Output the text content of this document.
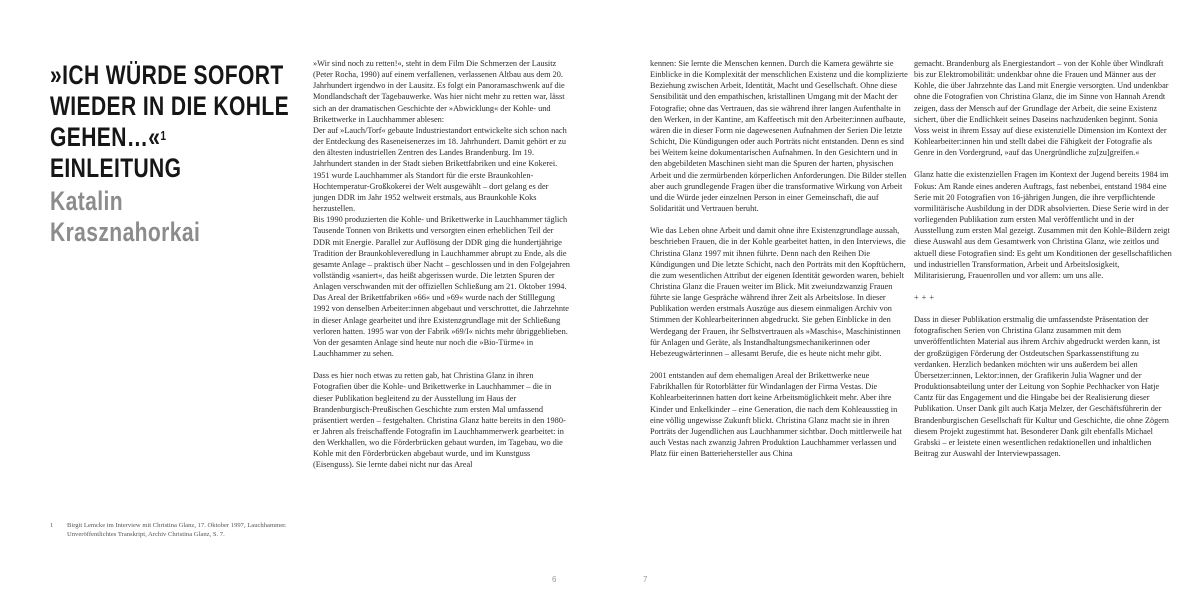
»ICH WÜRDE SOFORT
WIEDER IN DIE KOHLE
GEHEN…«$^1$
EINLEITUNG
Katalin
Krasznahorkai

»Wir sind noch zu retten!«, steht in dem Film Die Schmerzen der Lausitz (Peter Rocha, 1990) auf einem verfallenen, verlassenen Altbau aus dem 20. Jahrhundert irgendwo in der Lausitz. Es folgt ein Panoramaschwenk auf die Mondlandschaft der Tagebauwerke. Was hier nicht mehr zu retten war, lässt sich an der dramatischen Geschichte der »Abwicklung« der Kohle- und Brikettwerke in Lauchhammer ablesen:
Der auf »Lauch/Torf« gebaute Industriestandort entwickelte sich schon nach der Entdeckung des Raseneisenerzes im 18. Jahrhundert. Damit gehört er zu den ältesten industriellen Zentren des Landes Brandenburg. Im 19. Jahrhundert standen in der Stadt sieben Brikettfabriken und eine Kokerei. 1951 wurde Lauchhammer als Standort für die erste Braunkohlen-Hochtemperatur-Großkokerei der Welt ausgewählt – dort gelang es der jungen DDR im Jahr 1952 weltweit erstmals, aus Braunkohle Koks herzustellen.
Bis 1990 produzierten die Kohle- und Brikettwerke in Lauchhammer täglich Tausende Tonnen von Briketts und versorgten einen erheblichen Teil der DDR mit Energie. Parallel zur Auflösung der DDR ging die hundertjährige Tradition der Braunkohleveredlung in Lauchhammer abrupt zu Ende, als die gesamte Anlage – praktisch über Nacht – geschlossen und in den Folgejahren vollständig »saniert«, das heißt abgerissen wurde. Die letzten Spuren der Anlagen verschwanden mit der offiziellen Schließung am 21. Oktober 1994. Das Areal der Brikettfabriken »66« und »69« wurde nach der Stilllegung 1992 von denselben Arbeiter:innen abgebaut und verschrottet, die Jahrzehnte in dieser Anlage gearbeitet und ihre Existenzgrundlage mit der Schließung verloren hatten. 1995 war von der Fabrik »69/I« nichts mehr übriggeblieben. Von der gesamten Anlage sind heute nur noch die »Bio-Türme« in Lauchhammer zu sehen.

Dass es hier noch etwas zu retten gab, hat Christina Glanz in ihren Fotografien über die Kohle- und Brikettwerke in Lauchhammer – die in dieser Publikation begleitend zu der Ausstellung im Haus der Brandenburgisch-Preußischen Geschichte zum ersten Mal umfassend präsentiert werden – festgehalten. Christina Glanz hatte bereits in den 1980-er Jahren als freischaffende Fotografin im Lauchhammerwerk gearbeitet: in den Werkhallen, wo die Förderbrücken gebaut wurden, im Tagebau, wo die Kohle mit den Förderbrücken abgebaut wurde, und im Kunstguss (Eisenguss). Sie lernte dabei nicht nur das Areal

kennen: Sie lernte die Menschen kennen. Durch die Kamera gewährte sie Einblicke in die Komplexität der menschlichen Existenz und die komplizierte Beziehung zwischen Arbeit, Identität, Macht und Gesellschaft. Ohne diese Sensibilität und den empathischen, kristallinen Umgang mit der Macht der Fotografie; ohne das Vertrauen, das sie während ihrer langen Aufenthalte in den Werken, in der Kantine, am Kaffeetisch mit den Arbeiter:innen aufbaute, wären die in dieser Form nie dagewesenen Aufnahmen der Serien Die letzte Schicht, Die Kündigungen oder auch Porträts nicht entstanden. Denn es sind bei Weitem keine dokumentarischen Aufnahmen. In den Gesichtern und in den abgebildeten Maschinen sieht man die Spuren der harten, physischen Arbeit und die zermürbenden körperlichen Anforderungen. Die Bilder stellen aber auch grundlegende Fragen über die transformative Wirkung von Arbeit und die Würde jeder einzelnen Person in einer Gemeinschaft, die auf Solidarität und Vertrauen beruht.

Wie das Leben ohne Arbeit und damit ohne ihre Existenzgrundlage aussah, beschrieben Frauen, die in der Kohle gearbeitet hatten, in den Interviews, die Christina Glanz 1997 mit ihnen führte. Denn nach den Reihen Die Kündigungen und Die letzte Schicht, nach den Porträts mit den Kopftüchern, die zum wesentlichen Attribut der eigenen Identität geworden waren, behielt Christina Glanz die Frauen weiter im Blick. Mit zweiundzwanzig Frauen führte sie lange Gespräche während ihrer Zeit als Arbeitslose. In dieser Publikation werden erstmals Auszüge aus diesem einmaligen Archiv von Stimmen der Kohlearbeiterinnen abgedruckt. Sie geben Einblicke in den Werdegang der Frauen, ihr Selbstvertrauen als »Maschis«, Maschinistinnen für Anlagen und Geräte, als Instandhaltungsmechanikerinnen oder Hebezeugwärterinnen – allesamt Berufe, die es heute nicht mehr gibt.

2001 entstanden auf dem ehemaligen Areal der Brikettwerke neue Fabrikhallen für Rotorblätter für Windanlagen der Firma Vestas. Die Kohlearbeiterinnen hatten dort keine Arbeitsmöglichkeit mehr. Aber ihre Kinder und Enkelkinder – eine Generation, die nach dem Kohleausstieg in eine völlig ungewisse Zukunft blickt. Christina Glanz macht sie in ihren Porträts der Jugendlichen aus Lauchhammer sichtbar. Doch mittlerweile hat auch Vestas nach zwanzig Jahren Produktion Lauchhammer verlassen und Platz für einen Batteriehersteller aus China

gemacht. Brandenburg als Energiestandort – von der Kohle über Windkraft bis zur Elektromobilität: undenkbar ohne die Frauen und Männer aus der Kohle, die über Jahrzehnte das Land mit Energie versorgten. Und undenkbar ohne die Fotografien von Christina Glanz, die im Sinne von Hannah Arendt zeigen, dass der Mensch auf der Grundlage der Arbeit, die seine Existenz sichert, über die Endlichkeit seines Daseins nachzudenken beginnt. Sonia Voss weist in ihrem Essay auf diese existenzielle Dimension im Kontext der Kohlearbeiter:innen hin und stellt dabei die Fähigkeit der Fotografie als Genre in den Vordergrund, »auf das Unergründliche zu[zu]greifen.«

Glanz hatte die existenziellen Fragen im Kontext der Jugend bereits 1984 im Fokus: Am Rande eines anderen Auftrags, fast nebenbei, entstand 1984 eine Serie mit 20 Fotografien von 16-jährigen Jungen, die ihre verpflichtende vormilitärische Ausbildung in der DDR absolvierten. Diese Serie wird in der vorliegenden Publikation zum ersten Mal veröffentlicht und in der Ausstellung zum ersten Mal gezeigt. Zusammen mit den Kohle-Bildern zeigt diese Auswahl aus dem Gesamtwerk von Christina Glanz, wie zeitlos und aktuell diese Fotografien sind: Es geht um Konditionen der gesellschaftlichen und industriellen Transformation, Arbeit und Arbeitslosigkeit, Militarisierung, Frauenrollen und vor allem: um uns alle.

+++

Dass in dieser Publikation erstmalig die umfassendste Präsentation der fotografischen Serien von Christina Glanz zusammen mit dem unveröffentlichten Material aus ihrem Archiv abgedruckt werden kann, ist der großzügigen Förderung der Ostdeutschen Sparkassenstiftung zu verdanken. Herzlich bedanken möchten wir uns außerdem bei allen Übersetzer:innen, Lektor:innen, der Grafikerin Julia Wagner und der Produktionsabteilung unter der Leitung von Sophie Pechhacker von Hatje Cantz für das Engagement und die Hingabe bei der Realisierung dieser Publikation. Unser Dank gilt auch Katja Melzer, der Geschäftsführerin der Brandenburgischen Gesellschaft für Kultur und Geschichte, die ohne Zögern diesem Projekt zugestimmt hat. Besonderer Dank gilt ebenfalls Michael Grabski – er leistete einen wesentlichen redaktionellen und inhaltlichen Beitrag zur Auswahl der Interviewpassagen.

1 Birgit Lemcke im Interview mit Christina Glanz, 17. Oktober 1997, Lauchhammer.
Unveröffentlichtes Transkript, Archiv Christina Glanz, S. 7.
6	7
